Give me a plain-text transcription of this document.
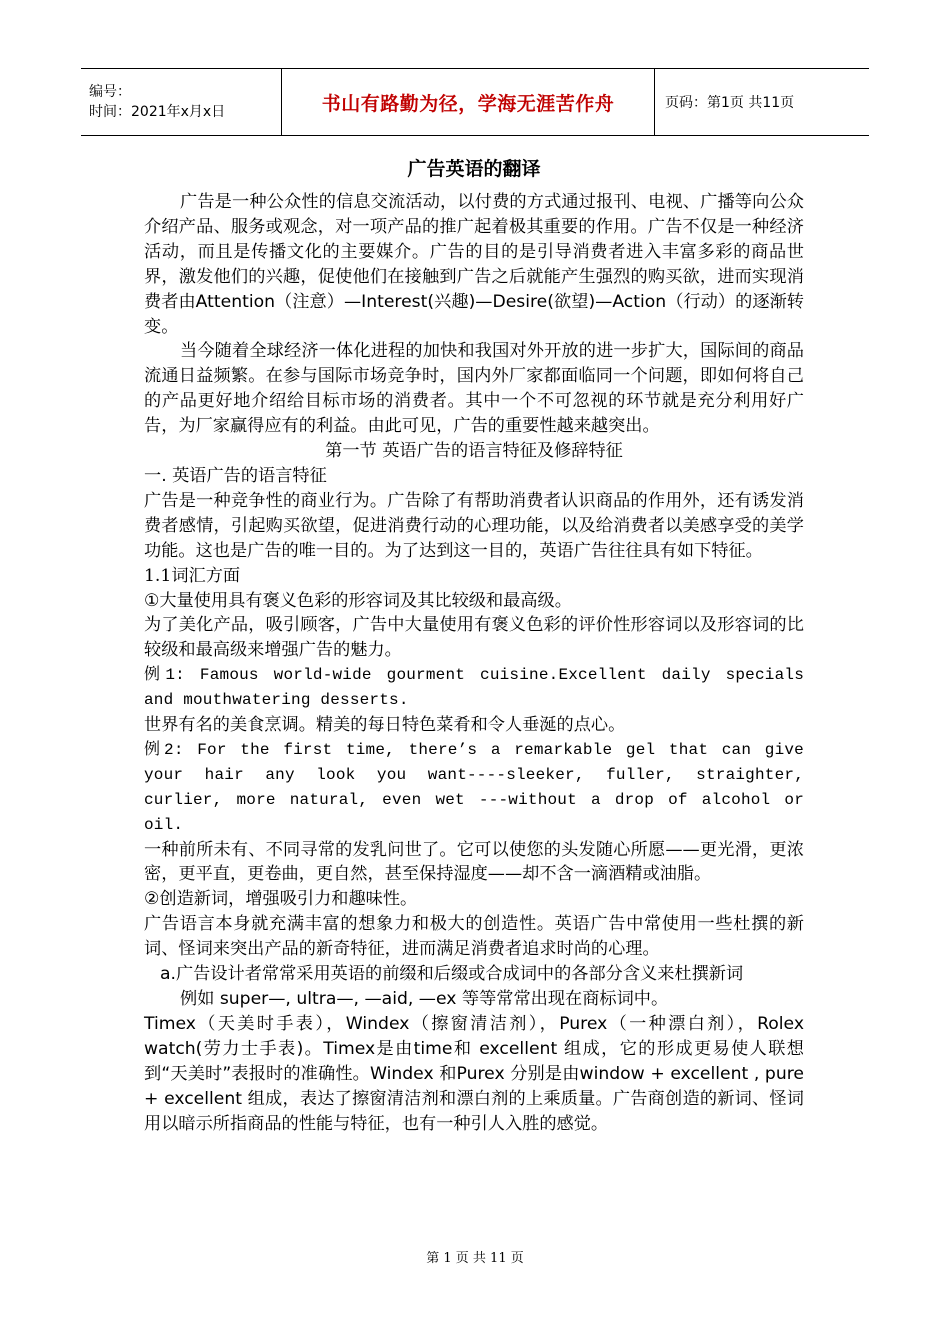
编号：
时间：2021年x月x日	书山有路勤为径，学海无涯苦作舟	页码：第1页 共11页
广告英语的翻译

广告是一种公众性的信息交流活动，以付费的方式通过报刊、电视、广播等向公众介绍产品、服务或观念，对一项产品的推广起着极其重要的作用。广告不仅是一种经济活动，而且是传播文化的主要媒介。广告的目的是引导消费者进入丰富多彩的商品世界，激发他们的兴趣，促使他们在接触到广告之后就能产生强烈的购买欲，进而实现消费者由Attention（注意）—Interest(兴趣)—Desire(欲望)—Action（行动）的逐渐转变。

当今随着全球经济一体化进程的加快和我国对外开放的进一步扩大，国际间的商品流通日益频繁。在参与国际市场竞争时，国内外厂家都面临同一个问题，即如何将自己的产品更好地介绍给目标市场的消费者。其中一个不可忽视的环节就是充分利用好广告，为厂家赢得应有的利益。由此可见，广告的重要性越来越突出。

第一节 英语广告的语言特征及修辞特征

一. 英语广告的语言特征

广告是一种竞争性的商业行为。广告除了有帮助消费者认识商品的作用外，还有诱发消费者感情，引起购买欲望，促进消费行动的心理功能，以及给消费者以美感享受的美学功能。这也是广告的唯一目的。为了达到这一目的，英语广告往往具有如下特征。

1.1词汇方面

①大量使用具有褒义色彩的形容词及其比较级和最高级。

为了美化产品，吸引顾客，广告中大量使用有褒义色彩的评价性形容词以及形容词的比较级和最高级来增强广告的魅力。

例1: Famous world-wide gourment cuisine.Excellent daily specials and mouthwatering desserts.

世界有名的美食烹调。精美的每日特色菜肴和令人垂涎的点心。

例2: For the first time, there’s a remarkable gel that can give your hair any look you want----sleeker, fuller, straighter, curlier, more natural, even wet ---without a drop of alcohol or oil.

一种前所未有、不同寻常的发乳问世了。它可以使您的头发随心所愿——更光滑，更浓密，更平直，更卷曲，更自然，甚至保持湿度——却不含一滴酒精或油脂。

②创造新词，增强吸引力和趣味性。

广告语言本身就充满丰富的想象力和极大的创造性。英语广告中常使用一些杜撰的新词、怪词来突出产品的新奇特征，进而满足消费者追求时尚的心理。

a.广告设计者常常采用英语的前缀和后缀或合成词中的各部分含义来杜撰新词

例如 super—, ultra—, —aid, —ex 等等常常出现在商标词中。

Timex（天美时手表），Windex（擦窗清洁剂），Purex（一种漂白剂），Rolex watch(劳力士手表)。Timex是由time和 excellent 组成，它的形成更易使人联想到“天美时”表报时的准确性。Windex 和Purex 分别是由window + excellent , pure + excellent 组成，表达了擦窗清洁剂和漂白剂的上乘质量。广告商创造的新词、怪词用以暗示所指商品的性能与特征，也有一种引人入胜的感觉。

第 1 页 共 11 页
